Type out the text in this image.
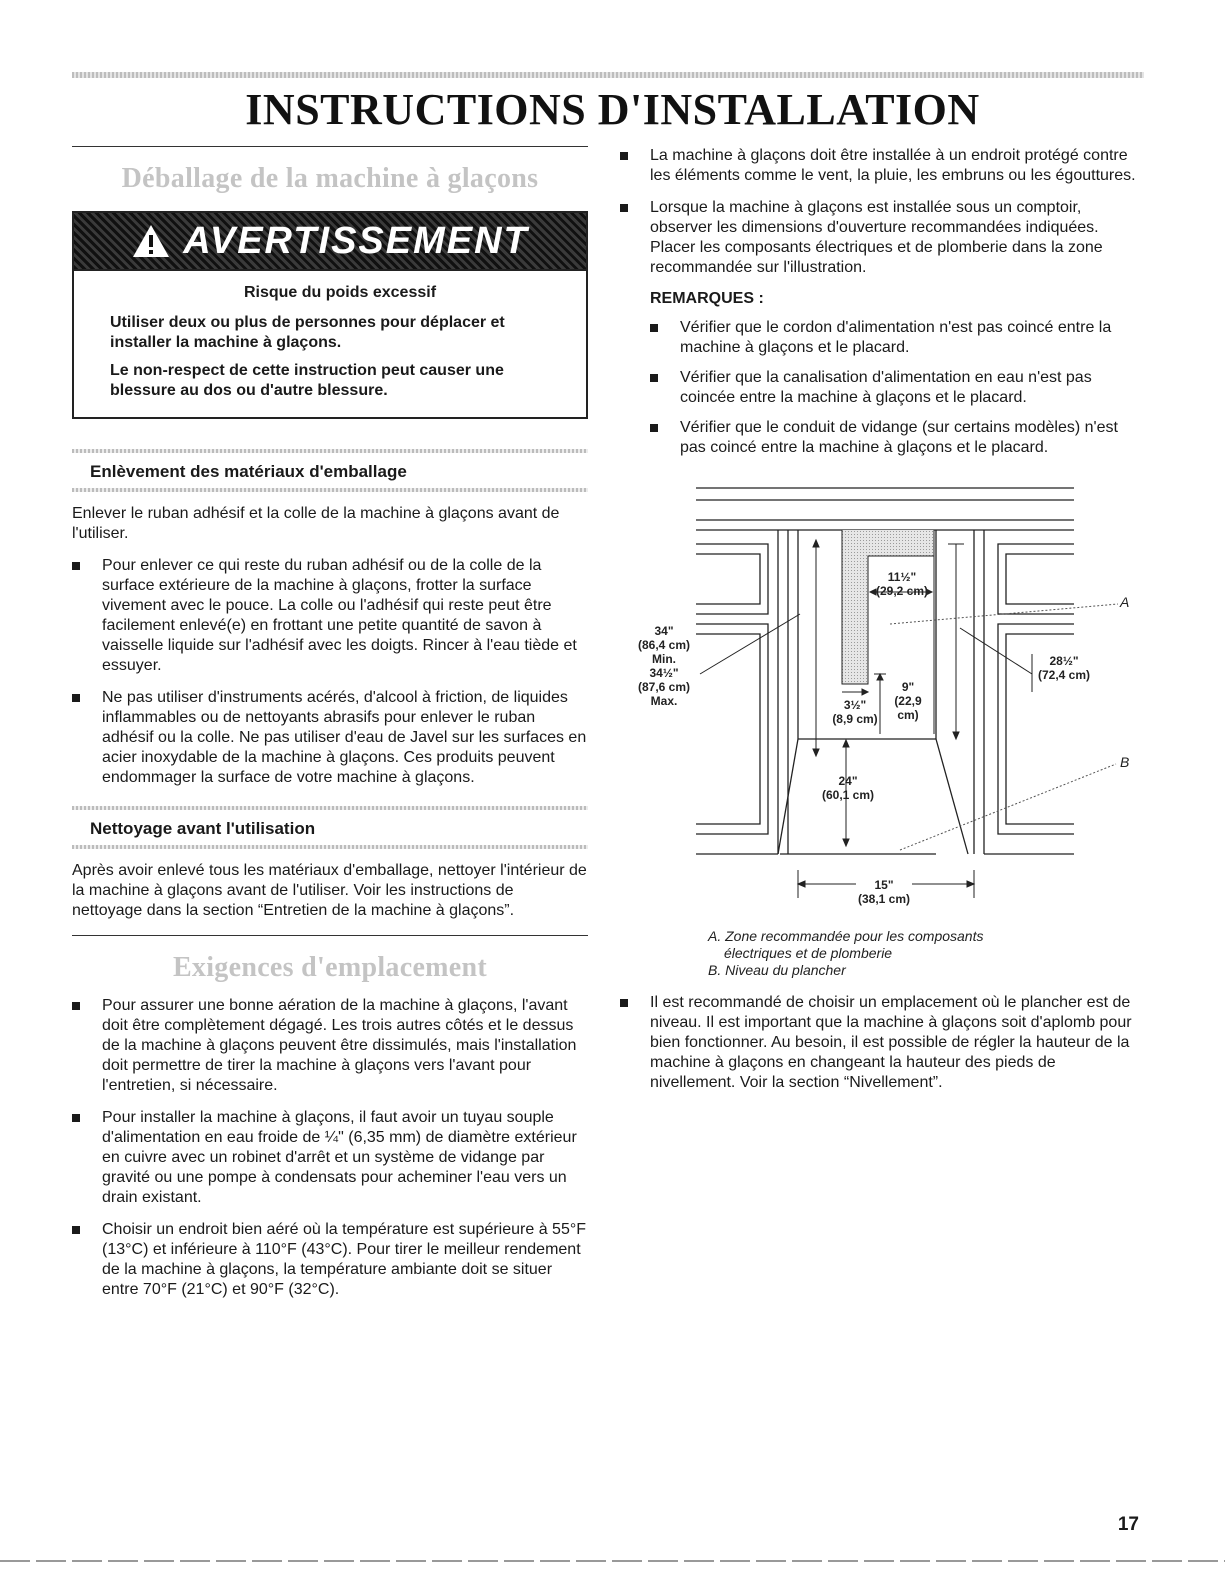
INSTRUCTIONS D'INSTALLATION
Déballage de la machine à glaçons
AVERTISSEMENT
Risque du poids excessif

Utiliser deux ou plus de personnes pour déplacer et installer la machine à glaçons.

Le non-respect de cette instruction peut causer une blessure au dos ou d'autre blessure.

Enlèvement des matériaux d'emballage

Enlever le ruban adhésif et la colle de la machine à glaçons avant de l'utiliser.

Pour enlever ce qui reste du ruban adhésif ou de la colle de la surface extérieure de la machine à glaçons, frotter la surface vivement avec le pouce. La colle ou l'adhésif qui reste peut être facilement enlevé(e) en frottant une petite quantité de savon à vaisselle liquide sur l'adhésif avec les doigts. Rincer à l'eau tiède et essuyer.
Ne pas utiliser d'instruments acérés, d'alcool à friction, de liquides inflammables ou de nettoyants abrasifs pour enlever le ruban adhésif ou la colle. Ne pas utiliser d'eau de Javel sur les surfaces en acier inoxydable de la machine à glaçons. Ces produits peuvent endommager la surface de votre machine à glaçons.
Nettoyage avant l'utilisation

Après avoir enlevé tous les matériaux d'emballage, nettoyer l'intérieur de la machine à glaçons avant de l'utiliser. Voir les instructions de nettoyage dans la section “Entretien de la machine à glaçons”.

Exigences d'emplacement
Pour assurer une bonne aération de la machine à glaçons, l'avant doit être complètement dégagé. Les trois autres côtés et le dessus de la machine à glaçons peuvent être dissimulés, mais l'installation doit permettre de tirer la machine à glaçons vers l'avant pour l'entretien, si nécessaire.
Pour installer la machine à glaçons, il faut avoir un tuyau souple d'alimentation en eau froide de ¼" (6,35 mm) de diamètre extérieur en cuivre avec un robinet d'arrêt et un système de vidange par gravité ou une pompe à condensats pour acheminer l'eau vers un drain existant.
Choisir un endroit bien aéré où la température est supérieure à 55°F (13°C) et inférieure à 110°F (43°C). Pour tirer le meilleur rendement de la machine à glaçons, la température ambiante doit se situer entre 70°F (21°C) et 90°F (32°C).
La machine à glaçons doit être installée à un endroit protégé contre les éléments comme le vent, la pluie, les embruns ou les égouttures.
Lorsque la machine à glaçons est installée sous un comptoir, observer les dimensions d'ouverture recommandées indiquées. Placer les composants électriques et de plomberie dans la zone recommandée sur l'illustration.
REMARQUES :
Vérifier que le cordon d'alimentation n'est pas coincé entre la machine à glaçons et le placard.
Vérifier que la canalisation d'alimentation en eau n'est pas coincée entre la machine à glaçons et le placard.
Vérifier que le conduit de vidange (sur certains modèles) n'est pas coincé entre la machine à glaçons et le placard.
34"
(86,4 cm)
Min.
34½"
(87,6 cm)
Max.
11½"
(29,2 cm)
28½"
(72,4 cm)
3½"
(8,9 cm)
9"
(22,9 cm)
24"
(60,1 cm)
15"
(38,1 cm)
A
B
A. Zone recommandée pour les composants
électriques et de plomberie
B. Niveau du plancher
Il est recommandé de choisir un emplacement où le plancher est de niveau. Il est important que la machine à glaçons soit d'aplomb pour bien fonctionner. Au besoin, il est possible de régler la hauteur de la machine à glaçons en changeant la hauteur des pieds de nivellement. Voir la section “Nivellement”.
17
